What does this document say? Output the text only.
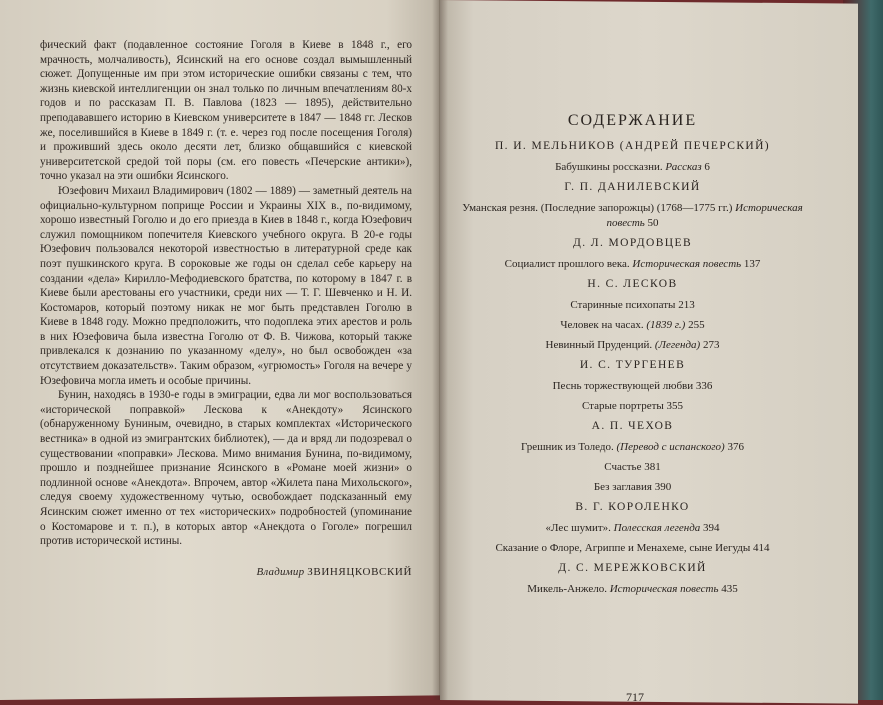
фический факт (подавленное состояние Гоголя в Киеве в 1848 г., его мрачность, молчаливость), Ясинский на его основе создал вымышленный сюжет. Допущенные им при этом исторические ошибки связаны с тем, что жизнь киевской интеллигенции он знал только по личным впечатлениям 80-х годов и по рассказам П. В. Павлова (1823 — 1895), действительно преподававшего историю в Киевском университете в 1847 — 1848 гг. Лесков же, поселившийся в Киеве в 1849 г. (т. е. через год после посещения Гоголя) и проживший здесь около десяти лет, близко общавшийся с киевской университетской средой той поры (см. его повесть «Печерские антики»), точно указал на эти ошибки Ясинского.

Юзефович Михаил Владимирович (1802 — 1889) — заметный деятель на официально-культурном поприще России и Украины XIX в., по-видимому, хорошо известный Гоголю и до его приезда в Киев в 1848 г., когда Юзефович служил помощником попечителя Киевского учебного округа. В 20-е годы Юзефович пользовался некоторой известностью в литературной среде как поэт пушкинского круга. В сороковые же годы он сделал себе карьеру на создании «дела» Кирилло-Мефодиевского братства, по которому в 1847 г. в Киеве были арестованы его участники, среди них — Т. Г. Шевченко и Н. И. Костомаров, который поэтому никак не мог быть представлен Гоголю в Киеве в 1848 году. Можно предположить, что подоплека этих арестов и роль в них Юзефовича была известна Гоголю от Ф. В. Чижова, который также привлекался к дознанию по указанному «делу», но был освобожден «за отсутствием доказательств». Таким образом, «угрюмость» Гоголя на вечере у Юзефовича могла иметь и особые причины.

Бунин, находясь в 1930-е годы в эмиграции, едва ли мог воспользоваться «исторической поправкой» Лескова к «Анекдоту» Ясинского (обнаруженному Буниным, очевидно, в старых комплектах «Исторического вестника» в одной из эмигрантских библиотек), — да и вряд ли подозревал о существовании «поправки» Лескова. Мимо внимания Бунина, по-видимому, прошло и позднейшее признание Ясинского в «Романе моей жизни» о подлинной основе «Анекдота». Впрочем, автор «Жилета пана Михольского», следуя своему художественному чутью, освобождает подсказанный ему Ясинским сюжет именно от тех «исторических» подробностей (упоминание о Костомарове и т. п.), в которых автор «Анекдота о Гоголе» погрешил против исторической истины.

Владимир ЗВИНЯЦКОВСКИЙ
СОДЕРЖАНИЕ
П. И. МЕЛЬНИКОВ (АНДРЕЙ ПЕЧЕРСКИЙ)

Бабушкины россказни. Рассказ 6

Г. П. ДАНИЛЕВСКИЙ

Уманская резня. (Последние запорожцы) (1768—1775 гг.) Историческая повесть 50

Д. Л. МОРДОВЦЕВ

Социалист прошлого века. Историческая повесть 137

Н. С. ЛЕСКОВ

Старинные психопаты 213

Человек на часах. (1839 г.) 255

Невинный Пруденций. (Легенда) 273

И. С. ТУРГЕНЕВ

Песнь торжествующей любви 336

Старые портреты 355

А. П. ЧЕХОВ

Грешник из Толедо. (Перевод с испанского) 376

Счастье 381

Без заглавия 390

В. Г. КОРОЛЕНКО

«Лес шумит». Полесская легенда 394

Сказание о Флоре, Агриппе и Менахеме, сыне Иегуды 414

Д. С. МЕРЕЖКОВСКИЙ

Микель-Анжело. Историческая повесть 435

717
